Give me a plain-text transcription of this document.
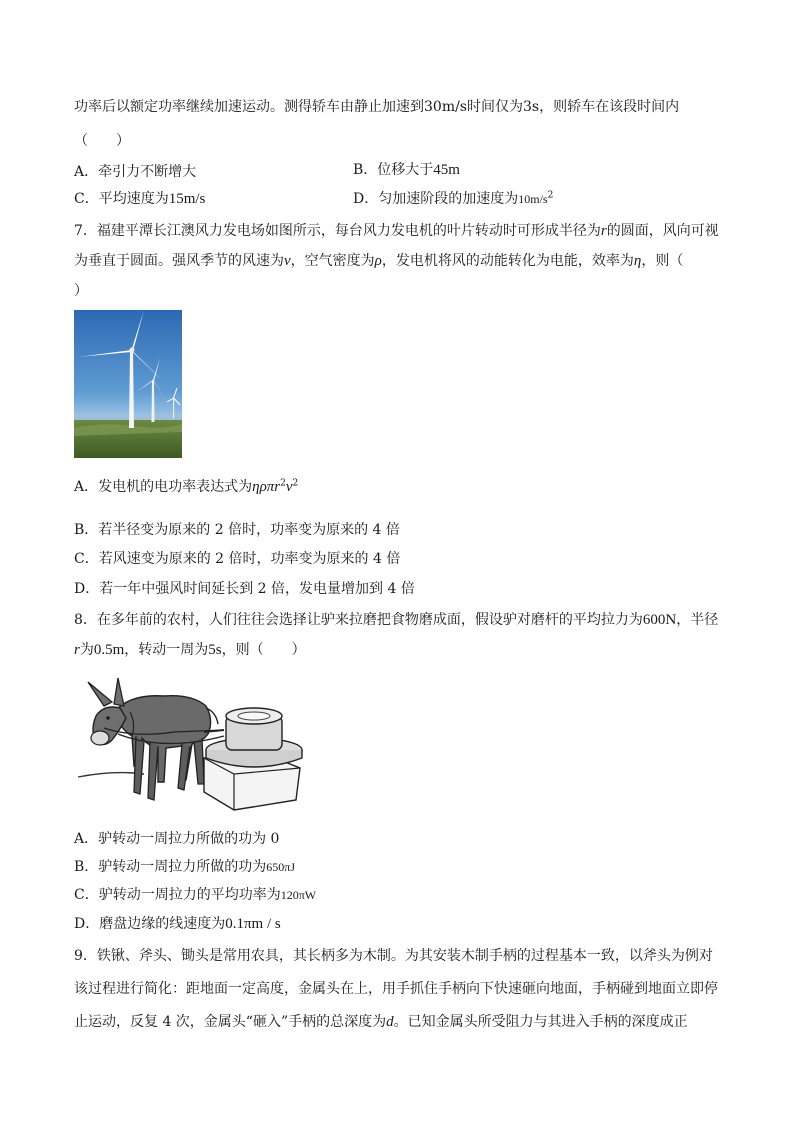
功率后以额定功率继续加速运动。测得轿车由静止加速到30m/s时间仅为3s，则轿车在该段时间内
（　　）
A．牵引力不断增大	B．位移大于45m
C．平均速度为15m/s	D．匀加速阶段的加速度为$10m/s^2$
7．福建平潭长江澳风力发电场如图所示，每台风力发电机的叶片转动时可形成半径为r的圆面，风向可视
为垂直于圆面。强风季节的风速为v，空气密度为ρ，发电机将风的动能转化为电能，效率为η，则（
）
A．发电机的电功率表达式为$\eta\rho\pi r^2v^2$
B．若半径变为原来的 2 倍时，功率变为原来的 4 倍
C．若风速变为原来的 2 倍时，功率变为原来的 4 倍
D．若一年中强风时间延长到 2 倍，发电量增加到 4 倍
8．在多年前的农村，人们往往会选择让驴来拉磨把食物磨成面，假设驴对磨杆的平均拉力为600N，半径
r为0.5m，转动一周为5s，则（　　）
A．驴转动一周拉力所做的功为 0
B．驴转动一周拉力所做的功为650πJ
C．驴转动一周拉力的平均功率为120πW
D．磨盘边缘的线速度为0.1πm / s
9．铁锹、斧头、锄头是常用农具，其长柄多为木制。为其安装木制手柄的过程基本一致，以斧头为例对
该过程进行简化：距地面一定高度，金属头在上，用手抓住手柄向下快速砸向地面，手柄碰到地面立即停
止运动，反复 4 次，金属头“砸入”手柄的总深度为d。已知金属头所受阻力与其进入手柄的深度成正
